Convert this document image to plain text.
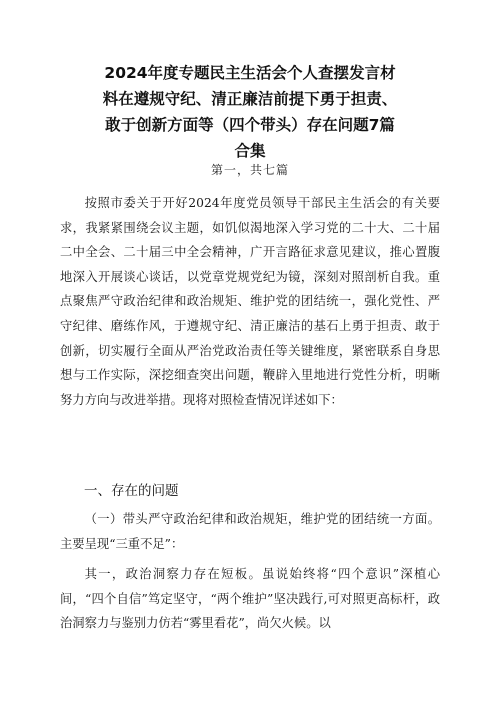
2024年度专题民主生活会个人查摆发言材
料在遵规守纪、清正廉洁前提下勇于担责、
敢于创新方面等（四个带头）存在问题7篇
合集
第一，共七篇

按照市委关于开好2024年度党员领导干部民主生活会的有关要求，我紧紧围绕会议主题，如饥似渴地深入学习党的二十大、二十届二中全会、二十届三中全会精神，广开言路征求意见建议，推心置腹地深入开展谈心谈话，以党章党规党纪为镜，深刻对照剖析自我。重点聚焦严守政治纪律和政治规矩、维护党的团结统一，强化党性、严守纪律、磨练作风，于遵规守纪、清正廉洁的基石上勇于担责、敢于创新，切实履行全面从严治党政治责任等关键维度，紧密联系自身思想与工作实际，深挖细查突出问题，鞭辟入里地进行党性分析，明晰努力方向与改进举措。现将对照检查情况详述如下：

一、存在的问题

（一）带头严守政治纪律和政治规矩，维护党的团结统一方面。主要呈现“三重不足”：

其一，政治洞察力存在短板。虽说始终将“四个意识”深植心间，“四个自信”笃定坚守，“两个维护”坚决践行,可对照更高标杆，政治洞察力与鉴别力仿若“雾里看花”，尚欠火候。以
